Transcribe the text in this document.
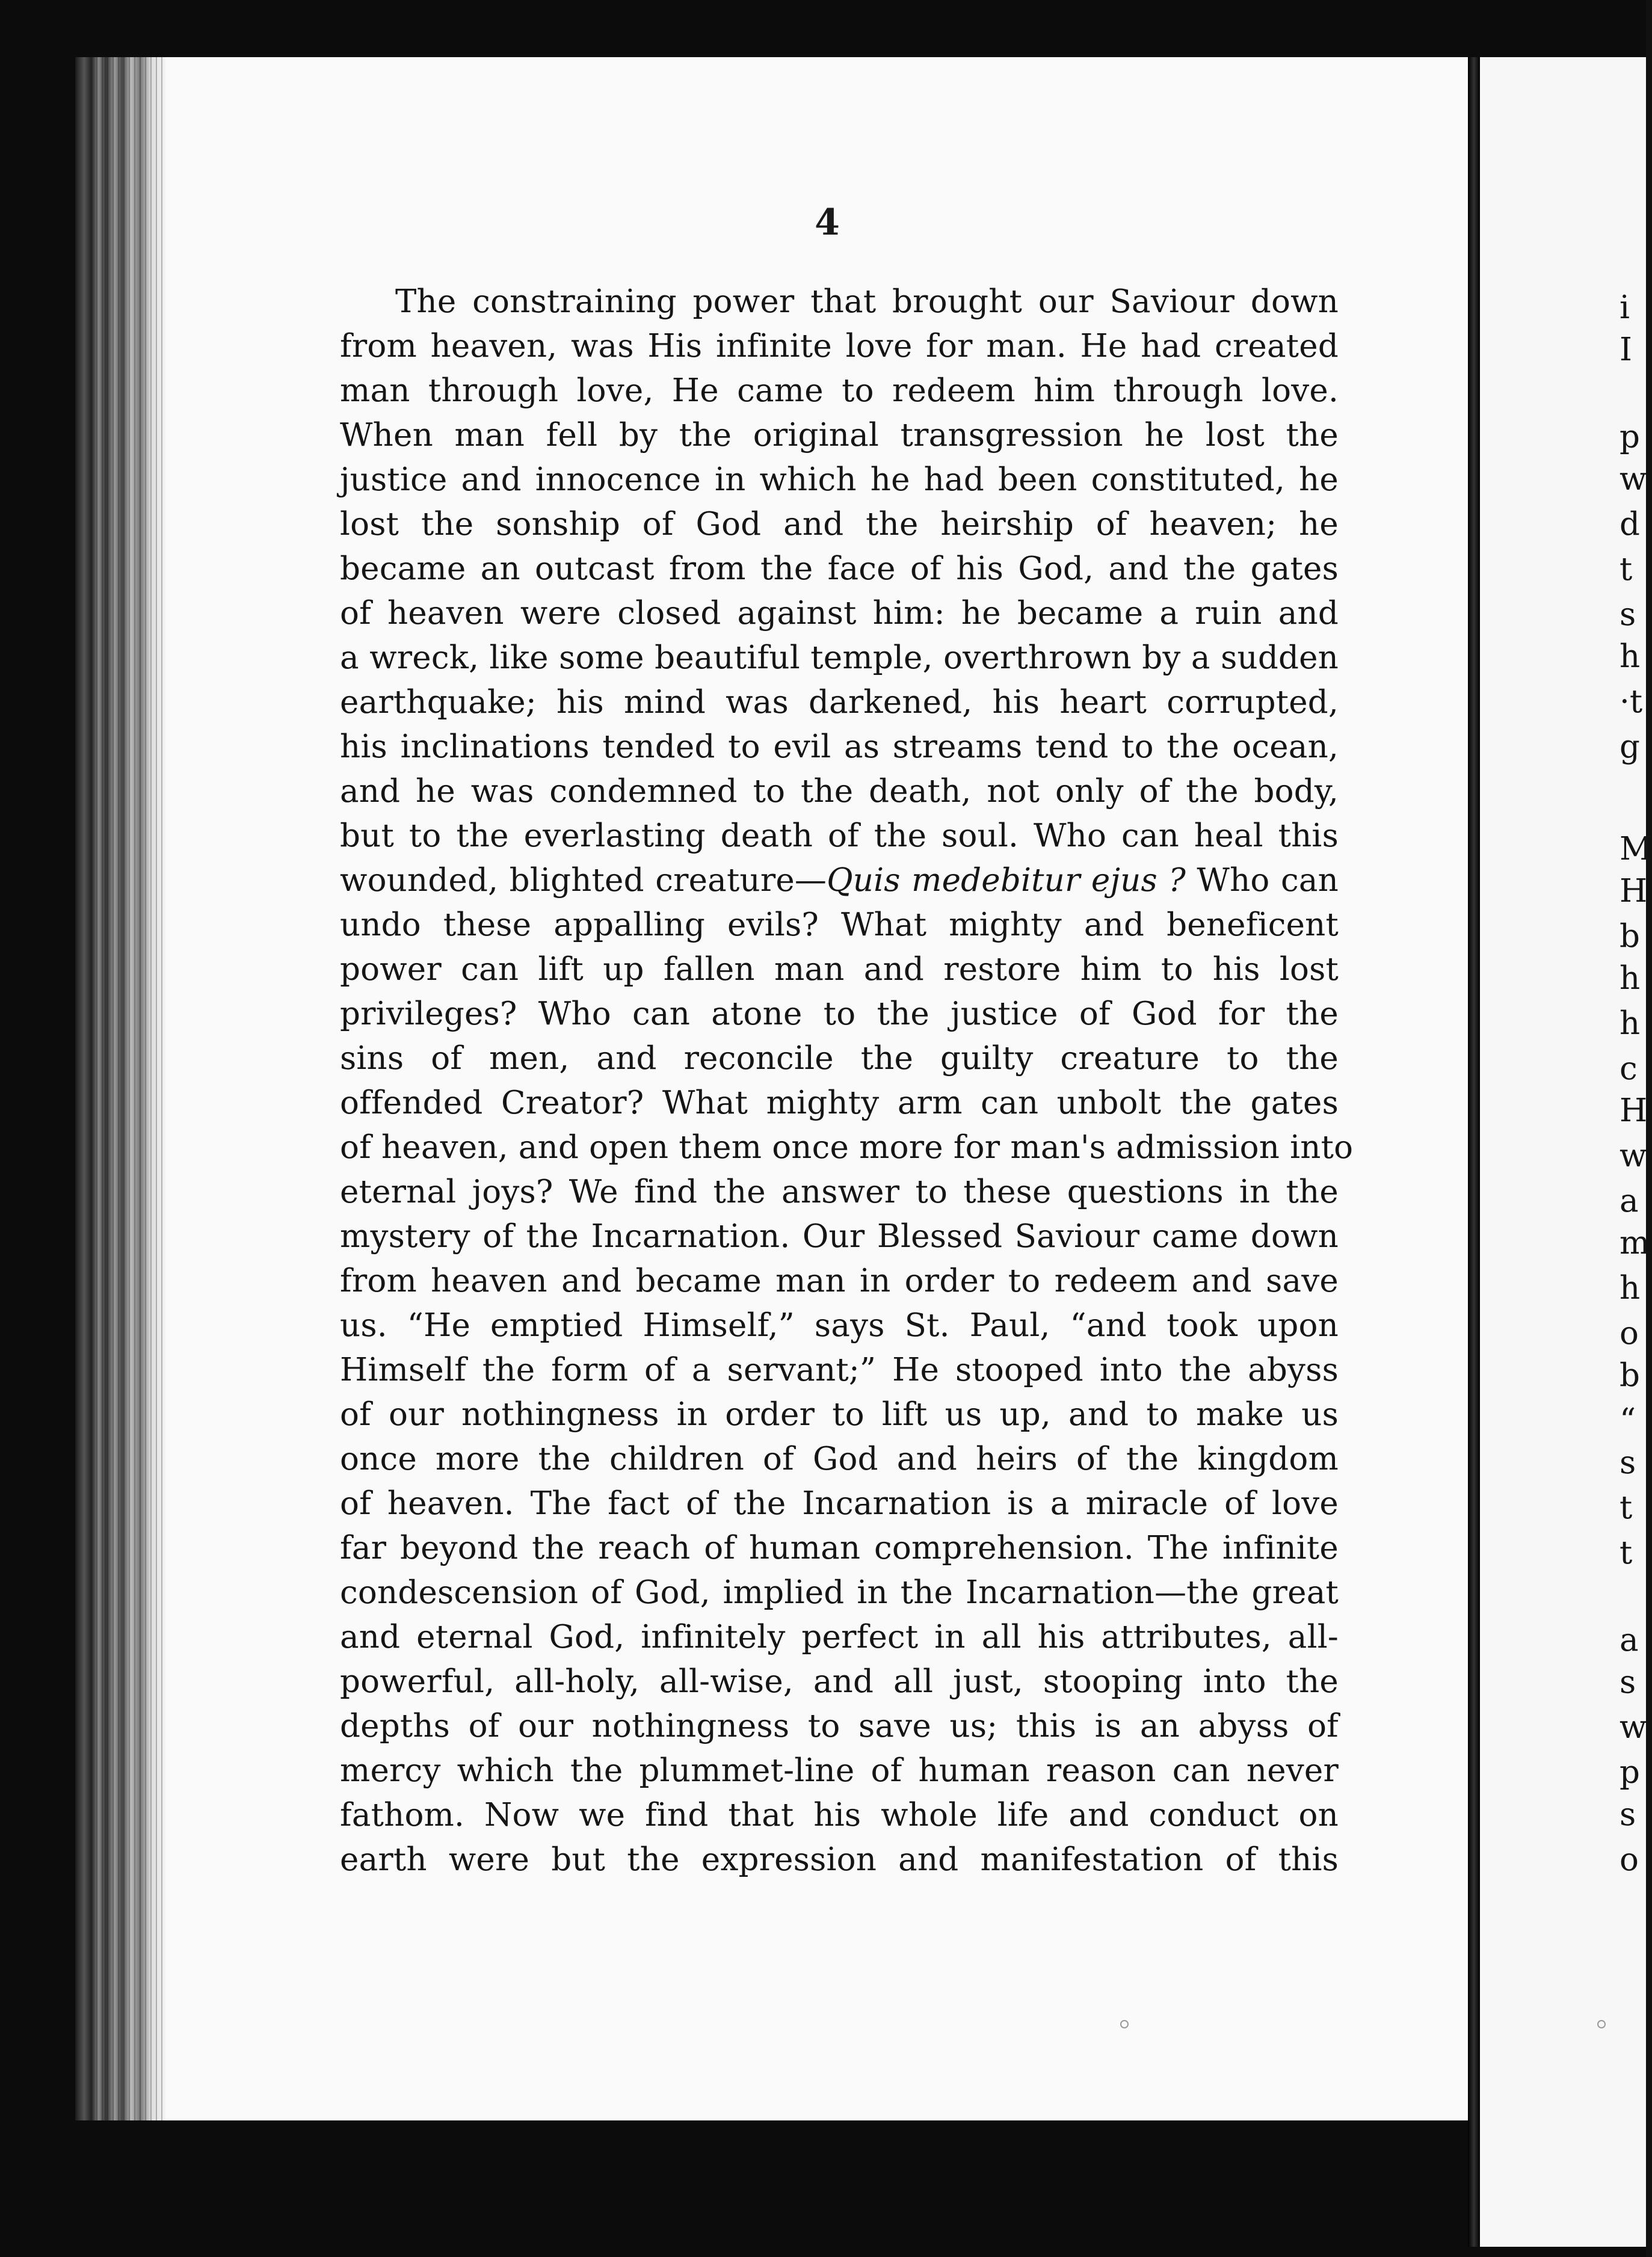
4
The constraining power that brought our Saviour down
from heaven, was His infinite love for man. He had created
man through love, He came to redeem him through love.
When man fell by the original transgression he lost the
justice and innocence in which he had been constituted, he
lost the sonship of God and the heirship of heaven; he
became an outcast from the face of his God, and the gates
of heaven were closed against him: he became a ruin and
a wreck, like some beautiful temple, overthrown by a sudden
earthquake; his mind was darkened, his heart corrupted,
his inclinations tended to evil as streams tend to the ocean,
and he was condemned to the death, not only of the body,
but to the everlasting death of the soul. Who can heal this
wounded, blighted creature—Quis medebitur ejus ? Who can
undo these appalling evils? What mighty and beneficent
power can lift up fallen man and restore him to his lost
privileges? Who can atone to the justice of God for the
sins of men, and reconcile the guilty creature to the
offended Creator? What mighty arm can unbolt the gates
of heaven, and open them once more for man's admission into
eternal joys? We find the answer to these questions in the
mystery of the Incarnation. Our Blessed Saviour came down
from heaven and became man in order to redeem and save
us. “He emptied Himself,” says St. Paul, “and took upon
Himself the form of a servant;” He stooped into the abyss
of our nothingness in order to lift us up, and to make us
once more the children of God and heirs of the kingdom
of heaven. The fact of the Incarnation is a miracle of love
far beyond the reach of human comprehension. The infinite
condescension of God, implied in the Incarnation—the great
and eternal God, infinitely perfect in all his attributes, all-
powerful, all-holy, all-wise, and all just, stooping into the
depths of our nothingness to save us; this is an abyss of
mercy which the plummet-line of human reason can never
fathom. Now we find that his whole life and conduct on
earth were but the expression and manifestation of this
i
I
p
w
d
t
s
h
·t
g
M
H
b
h
h
c
H
w
a
m
h
o
b
“
s
t
t
a
s
w
p
s
o
